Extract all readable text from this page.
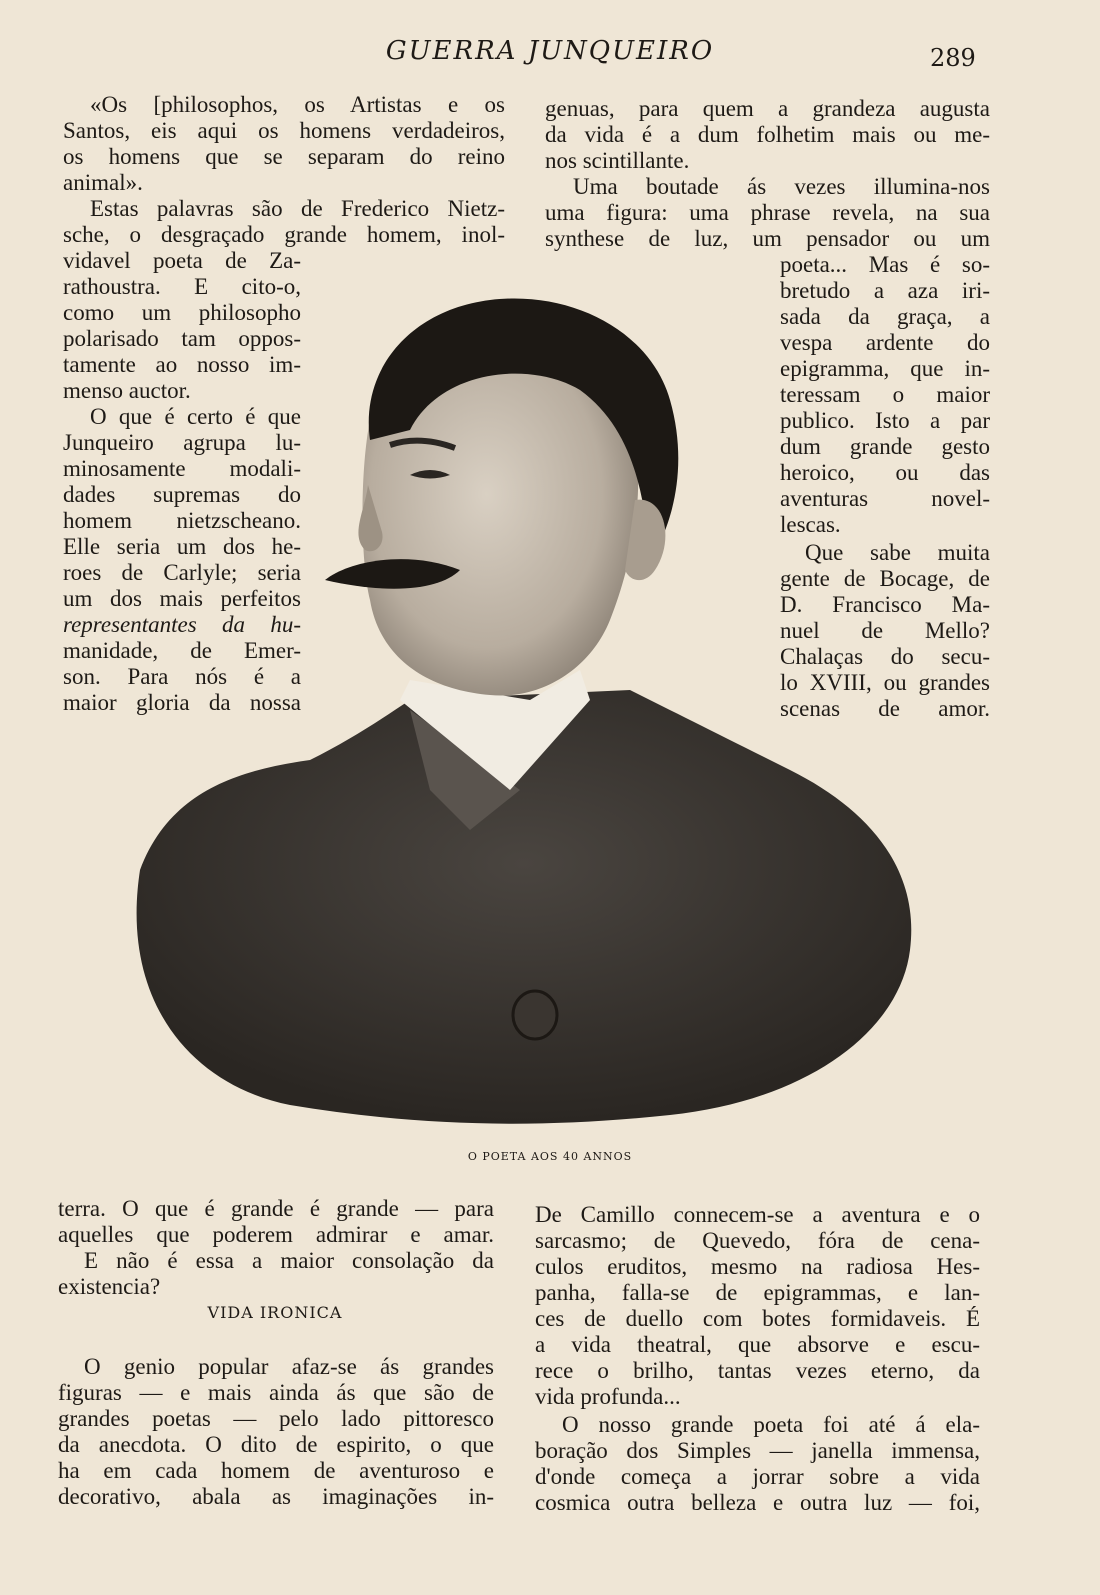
GUERRA JUNQUEIRO	289
«Os [philosophos, os Artistas e os
Santos, eis aqui os homens verdadeiros,
os homens que se separam do reino
animal».
Estas palavras são de Frederico Nietz-
sche, o desgraçado grande homem, inol-
vidavel poeta de Za-
rathoustra. E cito-o,
como um philosopho
polarisado tam oppos-
tamente ao nosso im-
menso auctor.
O que é certo é que
Junqueiro agrupa lu-
minosamente modali-
dades supremas do
homem nietzscheano.
Elle seria um dos he-
roes de Carlyle; seria
um dos mais perfeitos
representantes da hu-
manidade, de Emer-
son. Para nós é a
maior gloria da nossa
genuas, para quem a grandeza augusta
da vida é a dum folhetim mais ou me-
nos scintillante.
Uma boutade ás vezes illumina-nos
uma figura: uma phrase revela, na sua
synthese de luz, um pensador ou um
poeta... Mas é so-
bretudo a aza iri-
sada da graça, a
vespa ardente do
epigramma, que in-
teressam o maior
publico. Isto a par
dum grande gesto
heroico, ou das
aventuras novel-
lescas.
Que sabe muita
gente de Bocage, de
D. Francisco Ma-
nuel de Mello?
Chalaças do secu-
lo XVIII, ou grandes
scenas de amor.
O POETA AOS 40 ANNOS
terra. O que é grande é grande — para
aquelles que poderem admirar e amar.
E não é essa a maior consolação da
existencia?
VIDA IRONICA
O genio popular afaz-se ás grandes
figuras — e mais ainda ás que são de
grandes poetas — pelo lado pittoresco
da anecdota. O dito de espirito, o que
ha em cada homem de aventuroso e
decorativo, abala as imaginações in-
De Camillo connecem-se a aventura e o
sarcasmo; de Quevedo, fóra de cena-
culos eruditos, mesmo na radiosa Hes-
panha, falla-se de epigrammas, e lan-
ces de duello com botes formidaveis. É
a vida theatral, que absorve e escu-
rece o brilho, tantas vezes eterno, da
vida profunda...
O nosso grande poeta foi até á ela-
boração dos Simples — janella immensa,
d'onde começa a jorrar sobre a vida
cosmica outra belleza e outra luz — foi,
